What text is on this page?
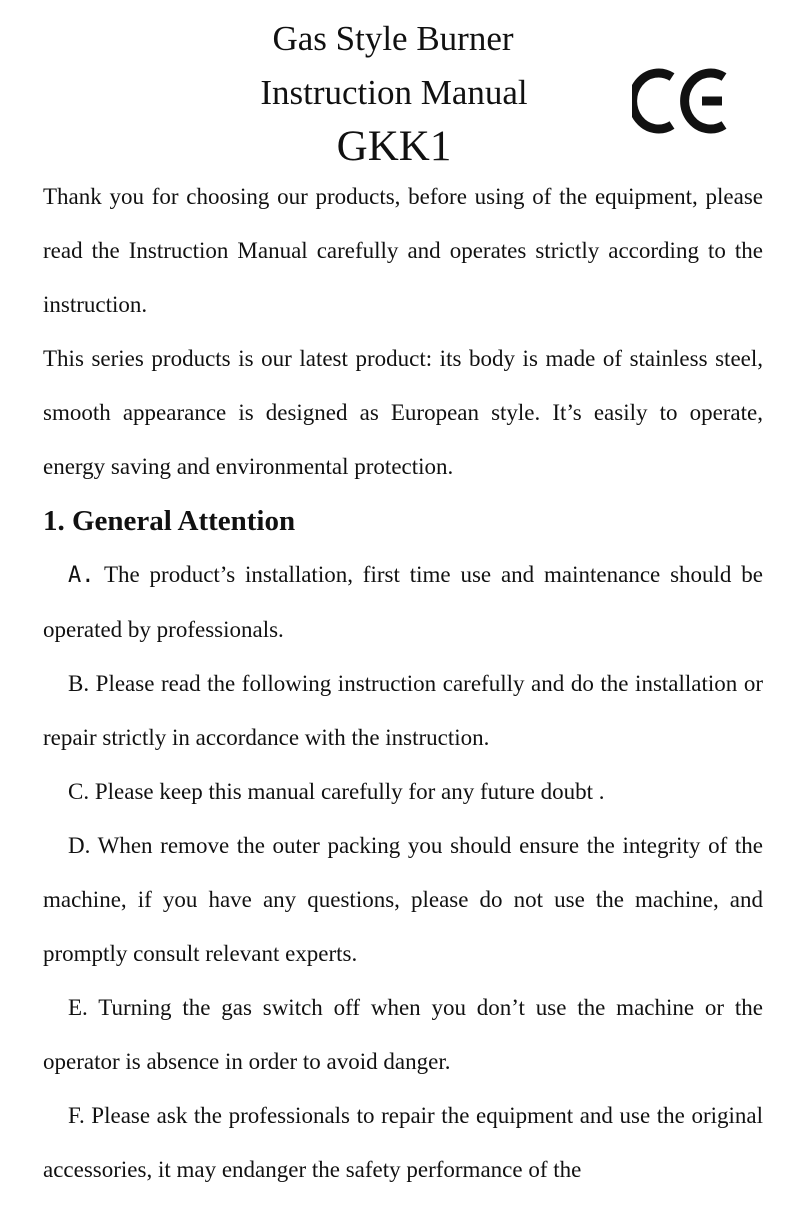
Gas Style Burner
Instruction Manual
GKK1

Thank you for choosing our products, before using of the equipment, please read the Instruction Manual carefully and operates strictly according to the instruction.

This series products is our latest product: its body is made of stainless steel, smooth appearance is designed as European style. It’s easily to operate, energy saving and environmental protection.

1. General Attention

A. The product’s installation, first time use and maintenance should be operated by professionals.

B. Please read the following instruction carefully and do the installation or repair strictly in accordance with the instruction.

C. Please keep this manual carefully for any future doubt .

D. When remove the outer packing you should ensure the integrity of the machine, if you have any questions, please do not use the machine, and promptly consult relevant experts.

E. Turning the gas switch off when you don’t use the machine or the operator is absence in order to avoid danger.

F. Please ask the professionals to repair the equipment and use the original accessories, it may endanger the safety performance of the
